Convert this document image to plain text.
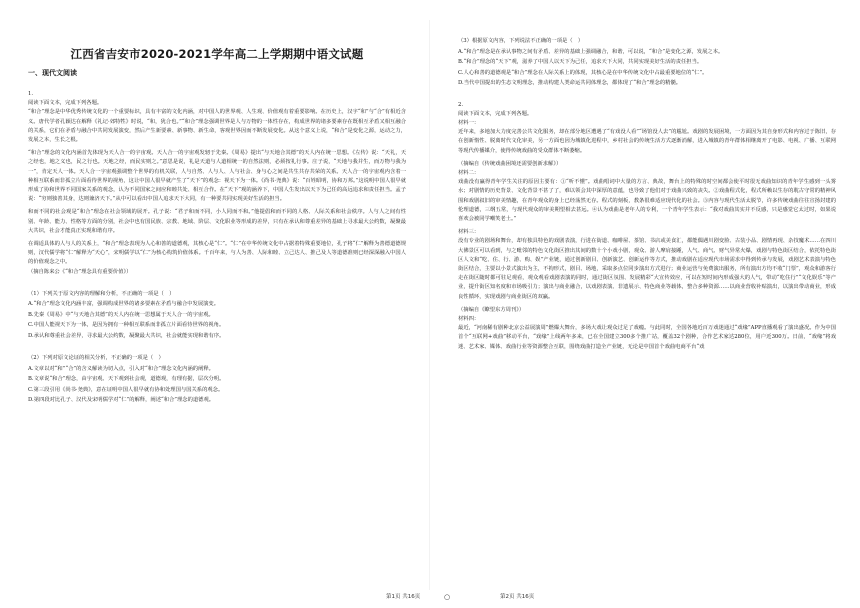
江西省吉安市2020-2021学年高二上学期期中语文试题
一、现代文阅读

1.

阅读下面文本，完成下列各题。

“和合”理念是中华优秀传统文化的一个重要标识，具有丰富的文化内涵，对中国人的世界观、人生观、价值观有着重要影响。在历史上，汉字“和”与“合”有相近含义。唐代学者孔颖达在解释《礼记·郊特牲》时说，“和，犹合也。”“和合”理念强调世界是人与万物的一体性存在，构成世界的诸多要素存在既相互矛盾又相互融合的关系，它们在矛盾与融合中共同发展演变，然后产生新要素、新事物、新生命，客观世界因而不断发展变化。从这个意义上说，“和合”是变化之源，运动之力，发展之本，生长之根。

“和合”理念的文化内涵首先体现为天人合一的宇宙观。天人合一的宇宙观发轫于先秦。《周易》提出“与天地合其德”的天人内在统一思想。《左传》说：“天礼，天之经也，地之义也，民之行也。天地之经，而民实则之。”意思是说，礼是天道与人道相统一的自然法则，必须按礼行事。庄子说，“天地与我并生，而万物与我为一”，肯定天人一体。天人合一宇宙观强调整个世界的有机关联，人与自然、人与人、人与社会、身与心之间是共生共存共荣的关系。天人合一的宇宙观内含着一种相互联系而非孤立片面看待世界的视角，这让中国人很早就产生了“天下”的观念：视天下为一体。《尚书·尧典》说：“百姓昭明，协和万邦。”这说明中国人很早就形成了协和世界不同国家关系的观念，认为不同国家之间应和睦共处、相互合作。在“天下”观的涵养下，中国人生发出以天下为己任的高远追求和责任担当。孟子说：“穷则独善其身，达则兼济天下。”从中可以看出中国人追求天下大同，有一种要共同实现美好生活的担当。

和而不同的社会观是“和合”理念在社会领域的展开。孔子说：“君子和而不同，小人同而不和。”他提倡和而不同的人格、人际关系和社会秩序。人与人之间有性别、年龄、能力、性格等方面的分别，社会中也有国民族、宗教、地域、阶层、文化职业等形成的差异，只有在承认和尊重差异的基础上寻求最大公约数，凝聚最大共识，社会才能真正实现和谐有序。

在调适具体的人与人的关系上，“和合”理念表现为人心和善的道德观，其核心是“仁”。“仁”在中华传统文化中占据着特殊重要地位，孔子将“仁”解释为善德道德规则，汉代儒学将“仁”解释为“天心”，宋明儒学以“仁”为核心构筑价值体系。千百年来，与人为善、人际和睦、立己达人、推己及人等道德准则已经深深融入中国人的价值观念之中。

（摘自陈来公《“和合”理念具有重要价值》）

（1）下列关于原文内容的理解和分析，不正确的一项是（　）

A.“和合”理念文化内涵丰富，强调构成世界的诸多要素在矛盾与融合中发展演变。

B.先秦《周易》中“与天地合其德”的天人内在统一思想属于天人合一的宇宙观。

C.中国人能视天下为一体，是因为拥有一种相互联系而非孤立片面看待世界的视角。

D.承认和尊重社会差异，寻求最大公约数，凝聚最大共识，社会就能实现和谐有序。

（2）下列对原文论证的相关分析，不正确的一项是（　）

A.文章以对“和”“合”的含义解读为切入点，引入对“和合”理念文化内涵的阐释。

B.文章说“和合”理念，由宇宙观、天下观到社会观，道德观，有理有据，层次分明。

C.第三段引用《尚书·尧典》，意在证明中国人很早就有协和处理国与国关系的观念。

D.第四段对比孔子、汉代及宋明儒学对“仁”的解释，阐述“和合”理念的道德观。

（3）根据原文内容，下列说法不正确的一项是（　）

A.“和合”理念是在承认事物之间有矛盾、差异的基础上强调融合，和谐，可以说，“和合”是变化之源，发展之本。

B.“和合”理念的“天下”观，滋养了中国人以天下为己任，追求天下大同，共同实现美好生活的责任担当。

C.人心和善的道德观是“和合”理念在人际关系上的体现，其核心是在中华传统文化中占最重要地位的“仁”。

D.当代中国提出的生态文明理念，推动构建人类命运共同体理念，都体现了“和合”理念的精髓。

2.

阅读下面文本，完成下列各题。

材料一：

近年来，多地加大力度完善公共文化服务，却在部分地区遭遇了“有戏没人看”“场馆没人去”的尴尬。戏剧的发展困境，一方面因为其自身形式和内容过于陈旧，存在创新惰性、脱离时代文化审美，另一方面也因为城镇化进程中，乡村社会的传统生活方式逐渐消解，进入城镇的青年群体相继离开了电影、电视、广播、互联网等现代传播媒介，使得传统戏曲的受众群体不断萎缩。

（摘编自《传统戏曲困境还需要创新求解》）

材料二：

戏曲没有赢得青年学生关注的原因主要有：①“听不懂”。戏曲唱词中大量的方言、典故，舞台上的特殊的时空间都会使平时很无戏曲知识的青年学生感到一头雾水；对剧情的历史背景、文化背景不甚了了，难以领会其中深厚的意蕴，也导致了他们对于戏曲兴致的丧失。②戏曲程式化，程式所赖以生存的耽古守常的精神风围和戏剧叙旧的审美情趣，在青年观众的身上已经荡然无存。程式的刻板，教条很难适应现代化的社会。③内容与现代生活太脱节，许多传统戏曲往往宣扬封建的伦理道德，三纲五常，与现代观众的审美期望相去甚远。④认为戏曲是老年人的专利，一个青年学生表示：“我对戏曲其实并不反感，只是感觉它太过时，如果说喜欢会被同学嘲笑老土。”

材料三：

没有专业的剧场和舞台，却有独具特色的戏剧表演，行进在街道、咖啡屋、茶馆、书店或美食汇，都能偶遇川剧变脸、古装小品、剧情再现、杂技魔术……在四川大佛景区可以看到，与之毗邻的特色文化街区推出其间的数十个小戏小剧，观众、游人摩肩接踵，人气、商气、财气异常火爆，戏剧与特色街区结合，依托特色街区人文和“吃、住、行、游、购、娱”产业链，通过创新剧目、创新演艺、创新运作等方式，推动戏剧在适应现代市场需求中得到传承与发展，戏剧艺术表演与特色街区结合，主要以小景式演出为主，不拘形式，剧目、场地，采取多点位同步演出方式进行；商业运营与免费演出服务，所有演出方均不收“门票”，观众和游客行走在街区随时都可驻足观看，观众观看戏剧表演的同时，通过街区氛围、发展精彩“大宣传效应，可以在短时间内形成强大的人气，带动“吃住行”“文化娱乐”等产业，提升街区知名度和市场吸引力；演出与商业融合，以戏剧表演、非遗展示、特色商业等载体，整合多种资源……以商业营收补贴演出，以演出带动商业，形成良性循环，实现戏剧与商业街区的双赢。

（摘编自《瞭望东方周刊》）

材料四：

最近，“河南稀有剧种北京公益展演周”燃爆大舞台，多场大戏让观众过足了戏瘾。与此同时，全国各地近百万戏迷通过“戏缘”APP直播观看了演出盛况。作为中国首个“互联网+戏曲”移动平台，“戏缘”上线两年多来，已在全国建立300多个推广站，覆盖32个剧种，合作艺术家达280位，用户近300万。日前，“戏缘”将戏迷、艺术家、媒体、戏曲行业等资源整合互联，围绕戏曲打造全产业链，无论是中国首个戏曲电商平台“戏

第1页 共16页	○	第2页 共16页
